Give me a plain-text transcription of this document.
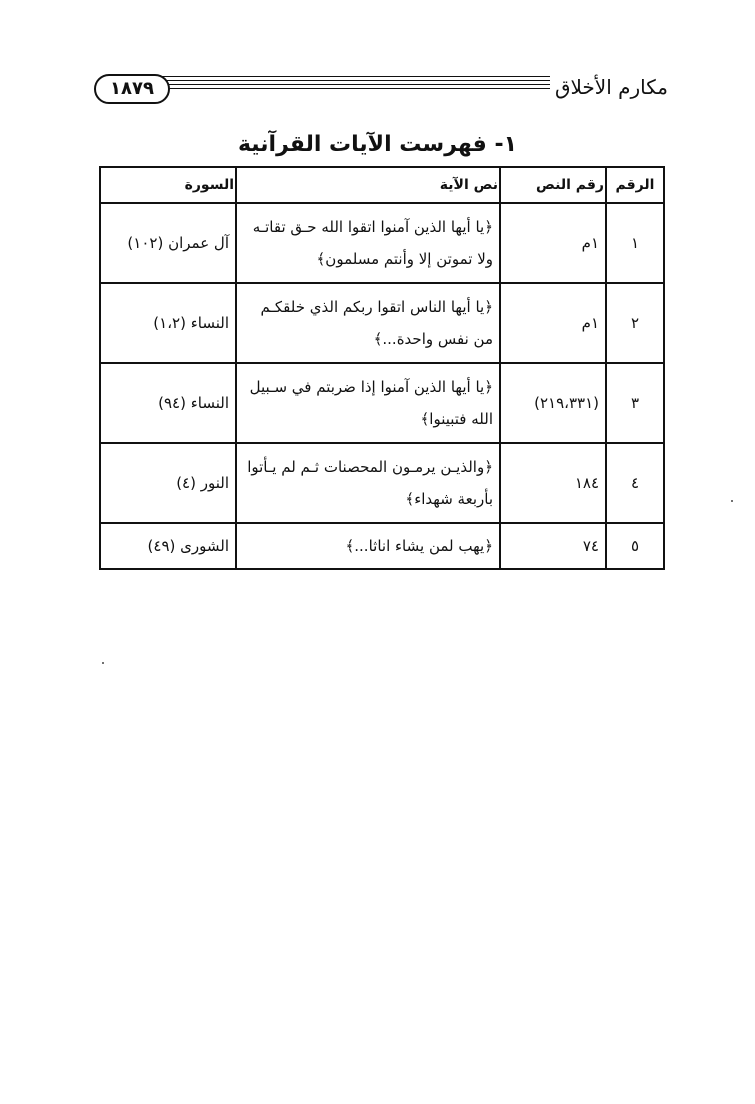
١٨٧٩	مكارم الأخلاق
١- فهرست الآيات القرآنية
الرقم	رقم النص	نص الآية	السورة
١	١م	﴿يا أيها الذين آمنوا اتقوا الله حـق تقاتـه ولا تموتن إلا وأنتم مسلمون﴾	آل عمران (١٠٢)
٢	١م	﴿يا أيها الناس اتقوا ربكم الذي خلقكـم من نفس واحدة...﴾	النساء (١،٢)
٣	(٢١٩،٣٣١)	﴿يا أيها الذين آمنوا إذا ضربتم في سـبيل الله فتبينوا﴾	النساء (٩٤)
٤	١٨٤	﴿والذيـن يرمـون المحصنات ثـم لم يـأتوا بأربعة شهداء﴾	النور (٤)
٥	٧٤	﴿يهب لمن يشاء اناثا...﴾	الشورى (٤٩)
